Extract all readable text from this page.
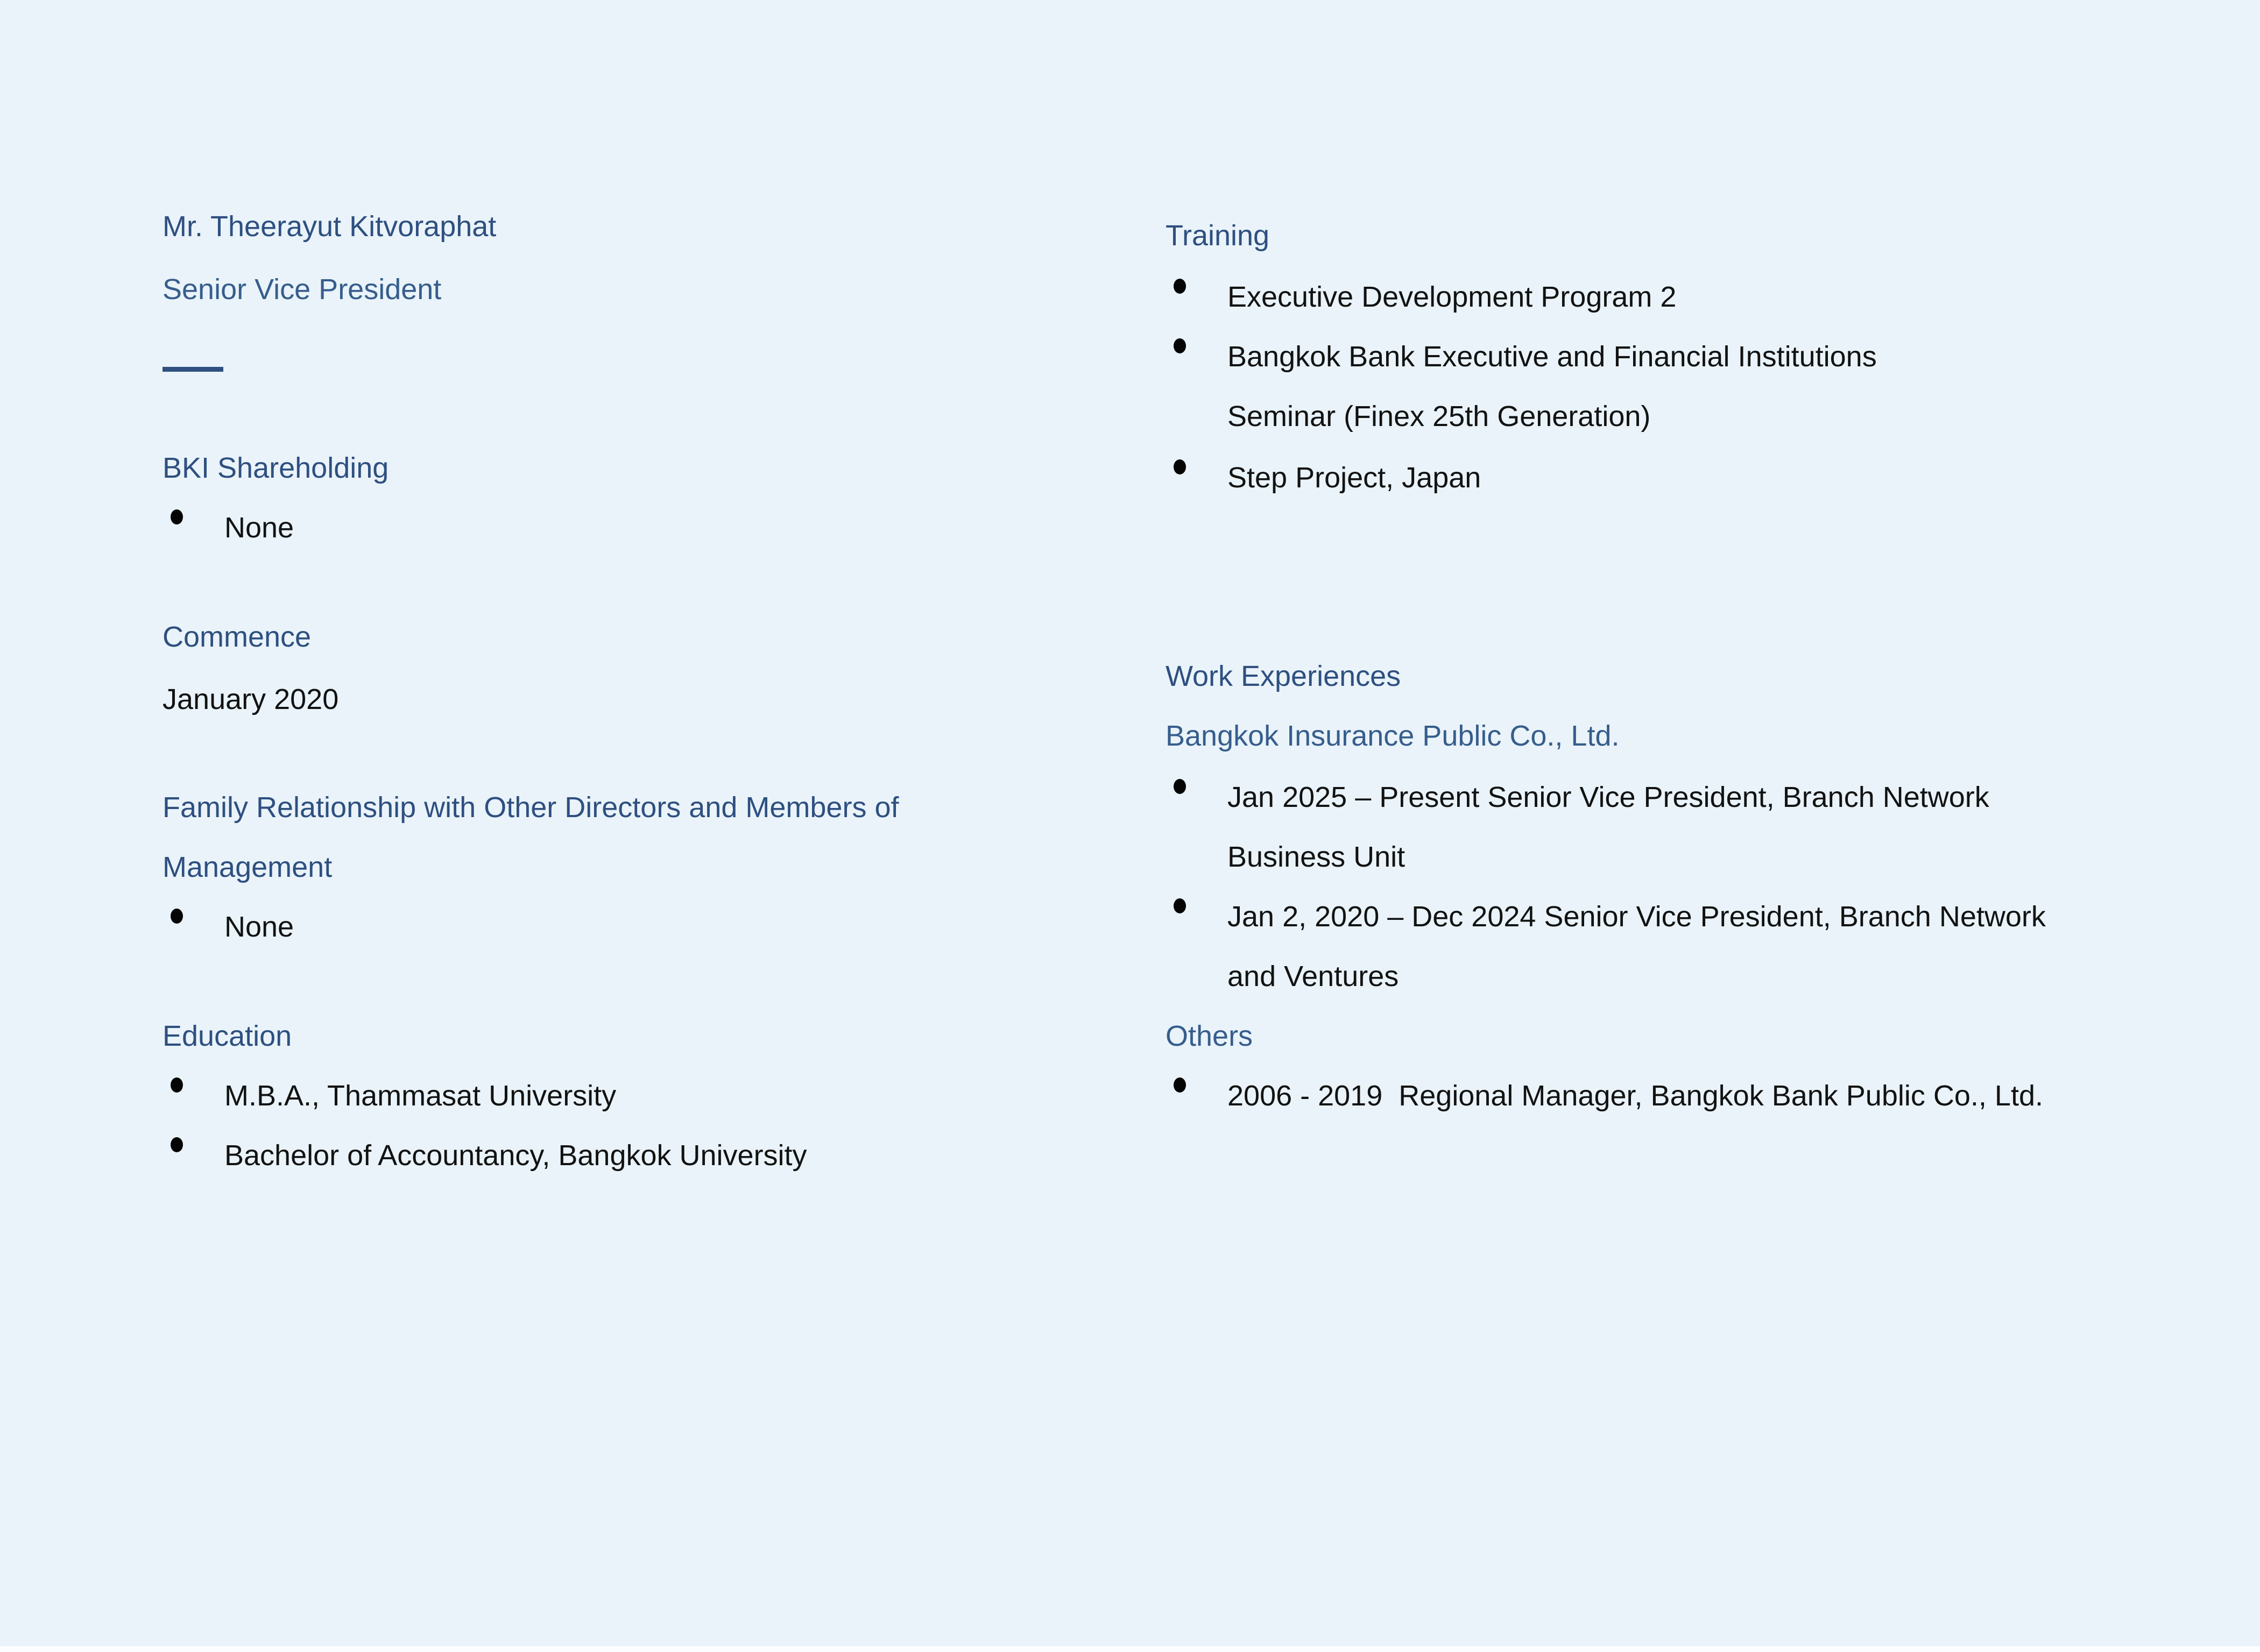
Mr. Theerayut Kitvoraphat
Senior Vice President
BKI Shareholding
None
Commence
January 2020
Family Relationship with Other Directors and Members of
Management
None
Education
M.B.A., Thammasat University
Bachelor of Accountancy, Bangkok University
Training
Executive Development Program 2
Bangkok Bank Executive and Financial Institutions
Seminar (Finex 25th Generation)
Step Project, Japan
Work Experiences
Bangkok Insurance Public Co., Ltd.
Jan 2025 – Present Senior Vice President, Branch Network
Business Unit
Jan 2, 2020 – Dec 2024 Senior Vice President, Branch Network
and Ventures
Others
2006 - 2019  Regional Manager, Bangkok Bank Public Co., Ltd.
